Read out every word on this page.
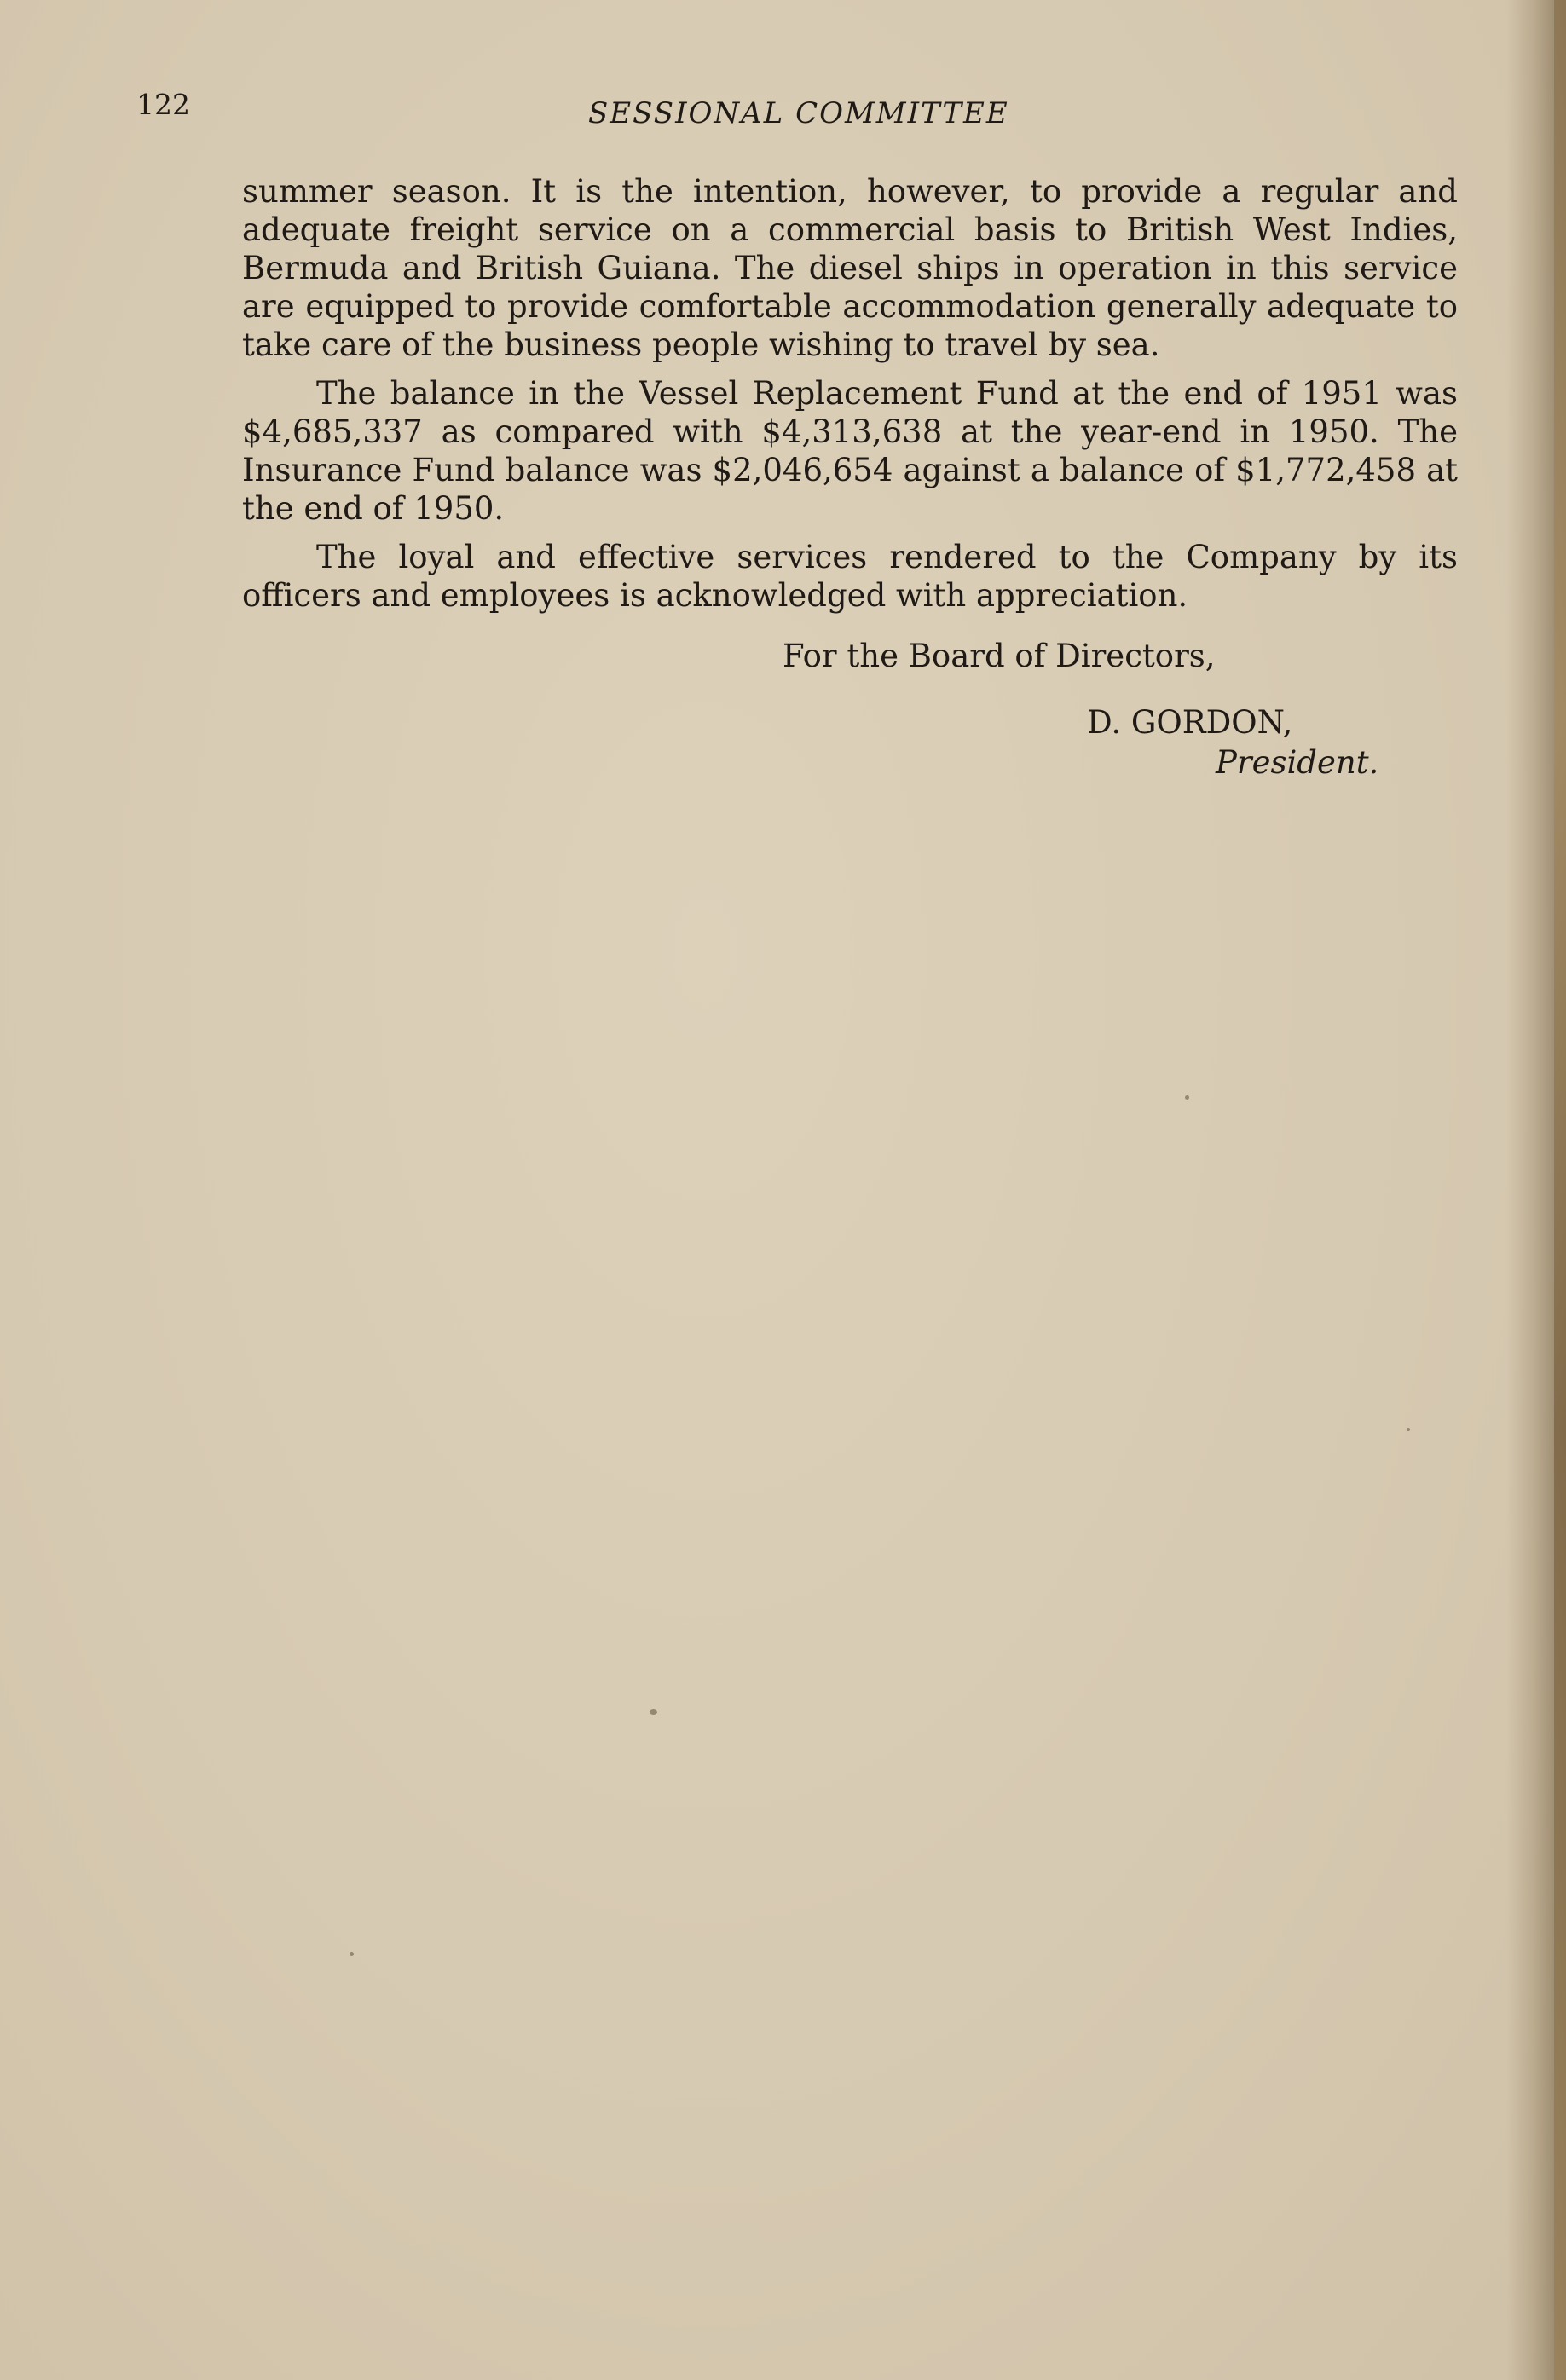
122	SESSIONAL COMMITTEE

summer season. It is the intention, however, to provide a regular and adequate freight service on a commercial basis to British West Indies, Bermuda and British Guiana. The diesel ships in operation in this service are equipped to provide comfortable accommodation generally adequate to take care of the business people wishing to travel by sea.

The balance in the Vessel Replacement Fund at the end of 1951 was $4,685,337 as compared with $4,313,638 at the year-end in 1950. The Insurance Fund balance was $2,046,654 against a balance of $1,772,458 at the end of 1950.

The loyal and effective services rendered to the Company by its officers and employees is acknowledged with appreciation.

For the Board of Directors,
D. GORDON,
President.
